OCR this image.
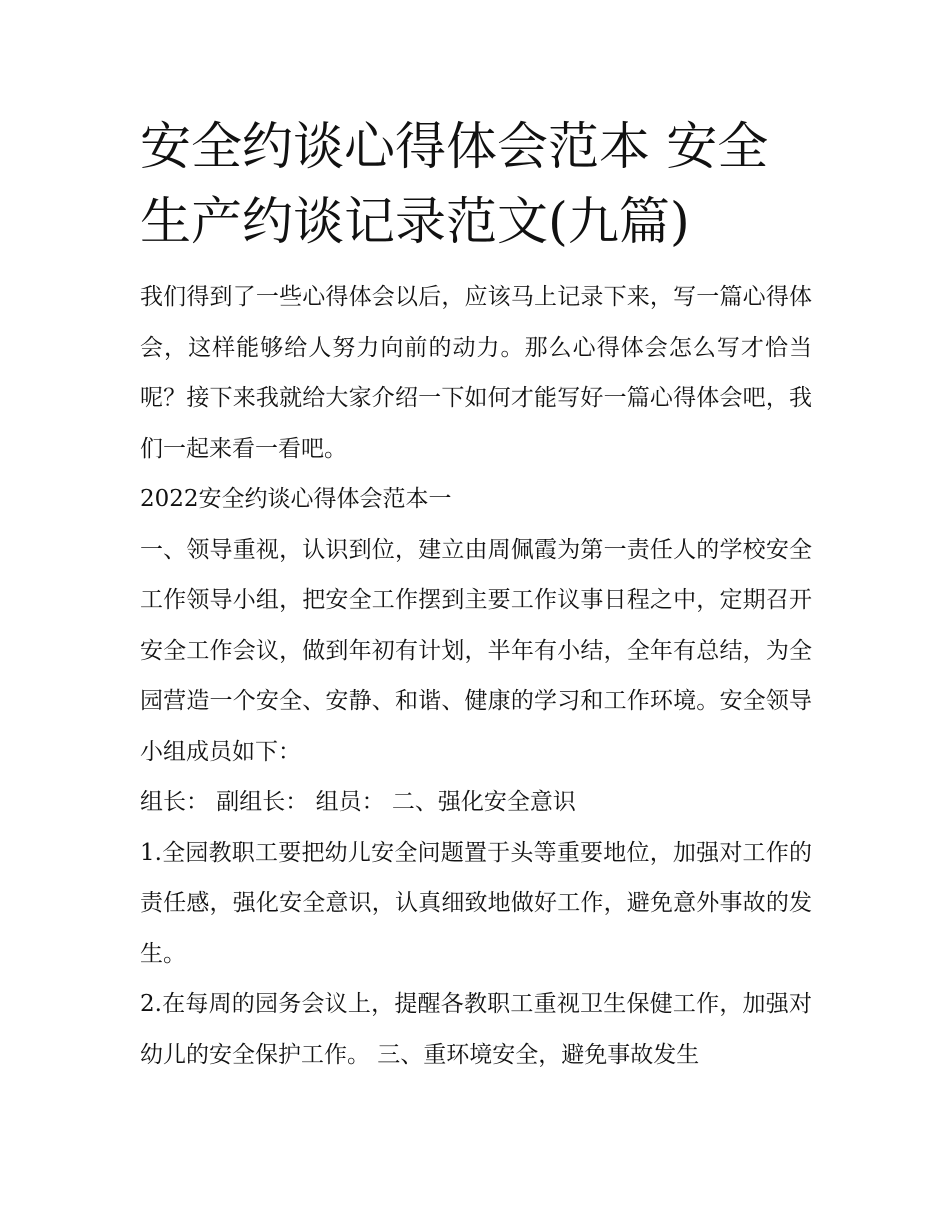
安全约谈心得体会范本 安全生产约谈记录范文(九篇)

我们得到了一些心得体会以后，应该马上记录下来，写一篇心得体会，这样能够给人努力向前的动力。那么心得体会怎么写才恰当呢？接下来我就给大家介绍一下如何才能写好一篇心得体会吧，我们一起来看一看吧。

2022安全约谈心得体会范本一

一、领导重视，认识到位，建立由周佩霞为第一责任人的学校安全工作领导小组，把安全工作摆到主要工作议事日程之中，定期召开安全工作会议，做到年初有计划，半年有小结，全年有总结，为全园营造一个安全、安静、和谐、健康的学习和工作环境。安全领导小组成员如下：

组长： 副组长： 组员： 二、强化安全意识

1.全园教职工要把幼儿安全问题置于头等重要地位，加强对工作的责任感，强化安全意识，认真细致地做好工作，避免意外事故的发生。

2.在每周的园务会议上，提醒各教职工重视卫生保健工作，加强对幼儿的安全保护工作。 三、重环境安全，避免事故发生
